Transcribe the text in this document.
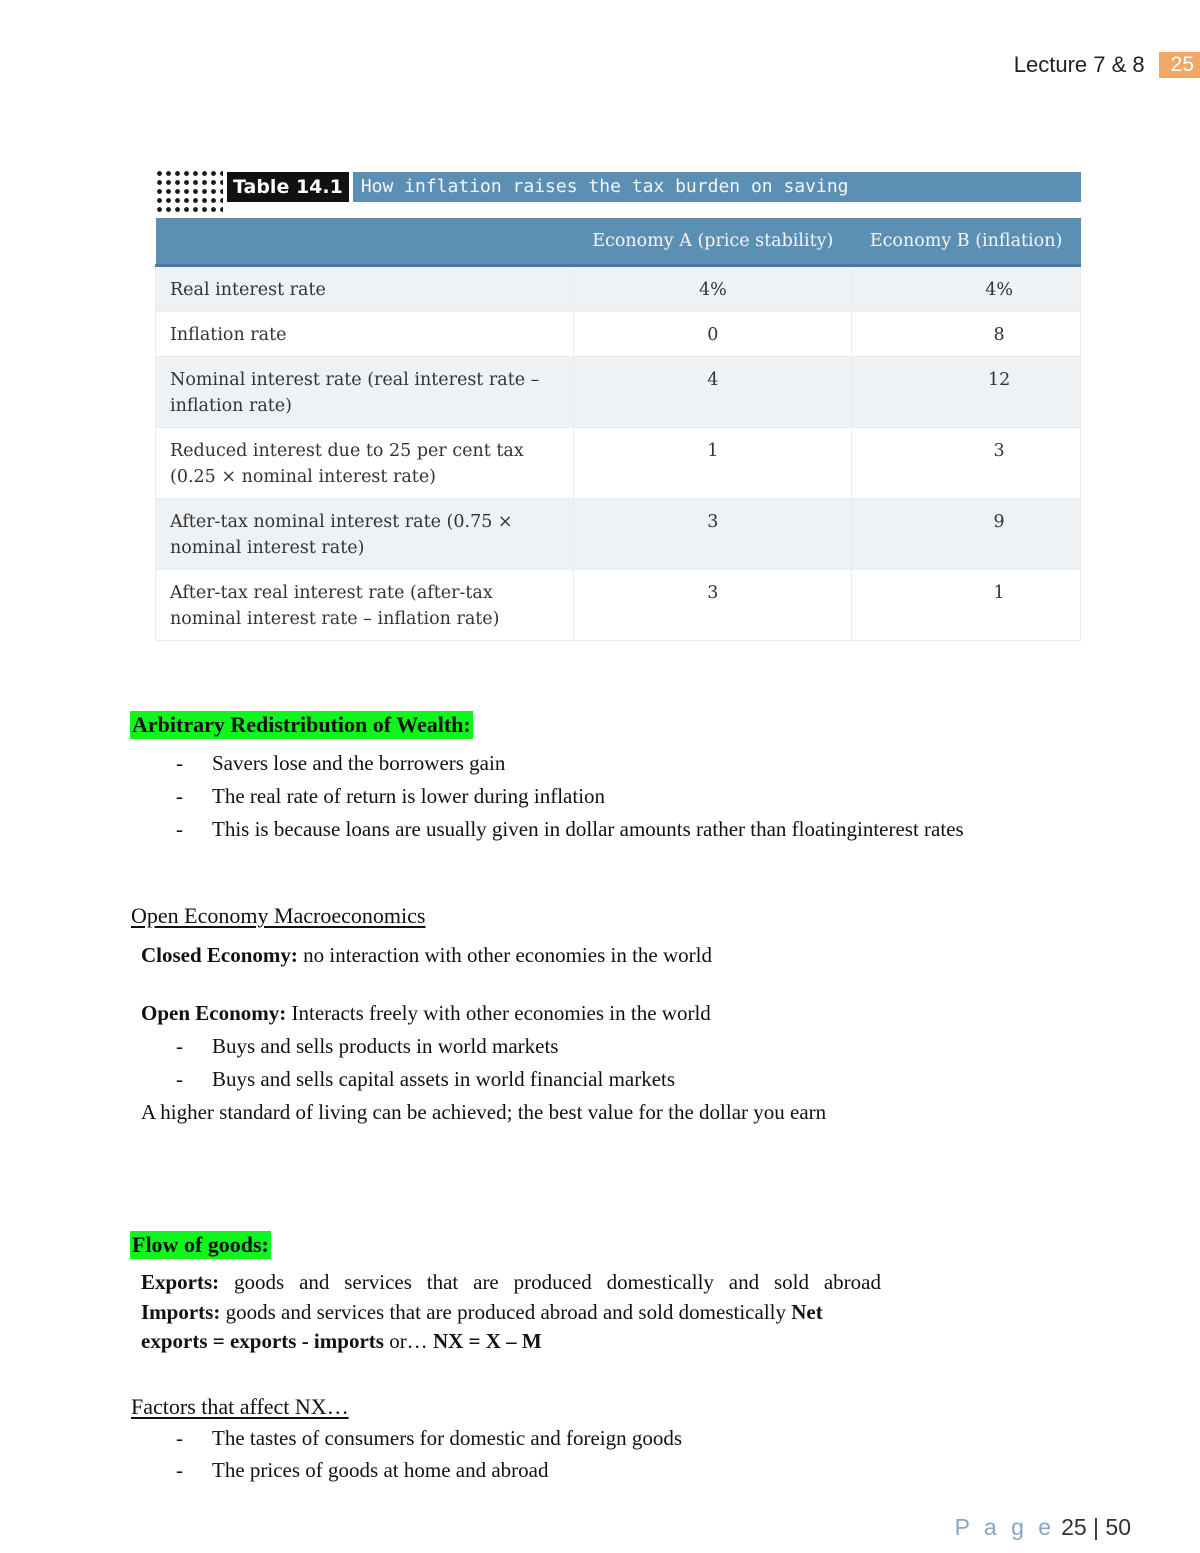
Lecture 7 & 8	25
Table 14.1	How inflation raises the tax burden on saving
	Economy A (price stability)	Economy B (inflation)
Real interest rate	4%	4%
Inflation rate	0	8
Nominal interest rate (real interest rate – inflation rate)	4	12
Reduced interest due to 25 per cent tax (0.25 × nominal interest rate)	1	3
After-tax nominal interest rate (0.75 × nominal interest rate)	3	9
After-tax real interest rate (after-tax nominal interest rate – inflation rate)	3	1
Arbitrary Redistribution of Wealth:
- Savers lose and the borrowers gain
- The real rate of return is lower during inflation
- This is because loans are usually given in dollar amounts rather than floatinginterest rates
Open Economy Macroeconomics
Closed Economy: no interaction with other economies in the world
Open Economy: Interacts freely with other economies in the world
- Buys and sells products in world markets
- Buys and sells capital assets in world financial markets
A higher standard of living can be achieved; the best value for the dollar you earn
Flow of goods:
Exports: goods and services that are produced domestically and sold abroad
Imports: goods and services that are produced abroad and sold domestically Net exports = exports - imports or… NX = X – M
Factors that affect NX…
- The tastes of consumers for domestic and foreign goods
- The prices of goods at home and abroad
P a g e 25 | 50
